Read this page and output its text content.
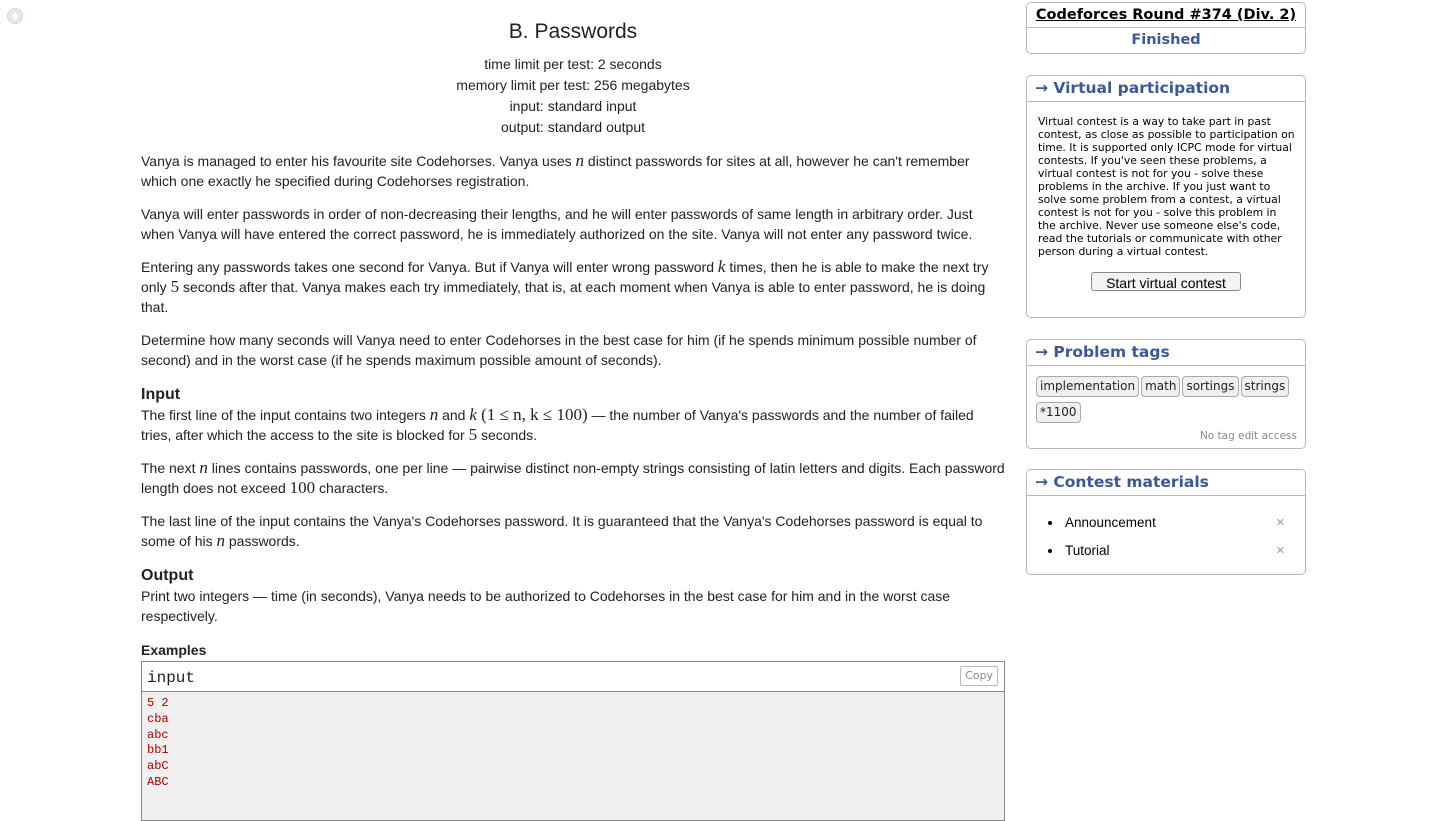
B. Passwords
time limit per test: 2 seconds
memory limit per test: 256 megabytes
input: standard input
output: standard output

Vanya is managed to enter his favourite site Codehorses. Vanya uses n distinct passwords for sites at all, however he can't remember which one exactly he specified during Codehorses registration.

Vanya will enter passwords in order of non-decreasing their lengths, and he will enter passwords of same length in arbitrary order. Just when Vanya will have entered the correct password, he is immediately authorized on the site. Vanya will not enter any password twice.

Entering any passwords takes one second for Vanya. But if Vanya will enter wrong password k times, then he is able to make the next try only 5 seconds after that. Vanya makes each try immediately, that is, at each moment when Vanya is able to enter password, he is doing that.

Determine how many seconds will Vanya need to enter Codehorses in the best case for him (if he spends minimum possible number of second) and in the worst case (if he spends maximum possible amount of seconds).

Input

The first line of the input contains two integers n and k (1 ≤ n, k ≤ 100) — the number of Vanya's passwords and the number of failed tries, after which the access to the site is blocked for 5 seconds.

The next n lines contains passwords, one per line — pairwise distinct non-empty strings consisting of latin letters and digits. Each password length does not exceed 100 characters.

The last line of the input contains the Vanya's Codehorses password. It is guaranteed that the Vanya's Codehorses password is equal to some of his n passwords.

Output

Print two integers — time (in seconds), Vanya needs to be authorized to Codehorses in the best case for him and in the worst case respectively.

Examples
input	Copy
5 2
cba
abc
bb1
abC
ABC
Codeforces Round #374 (Div. 2)
Finished
→ Virtual participation
Virtual contest is a way to take part in past contest, as close as possible to participation on time. It is supported only ICPC mode for virtual contests. If you've seen these problems, a virtual contest is not for you - solve these problems in the archive. If you just want to solve some problem from a contest, a virtual contest is not for you - solve this problem in the archive. Never use someone else's code, read the tutorials or communicate with other person during a virtual contest.
Start virtual contest
→ Problem tags
implementation math sortings strings*1100
No tag edit access
→ Contest materials
Announcement	✕
Tutorial	✕
